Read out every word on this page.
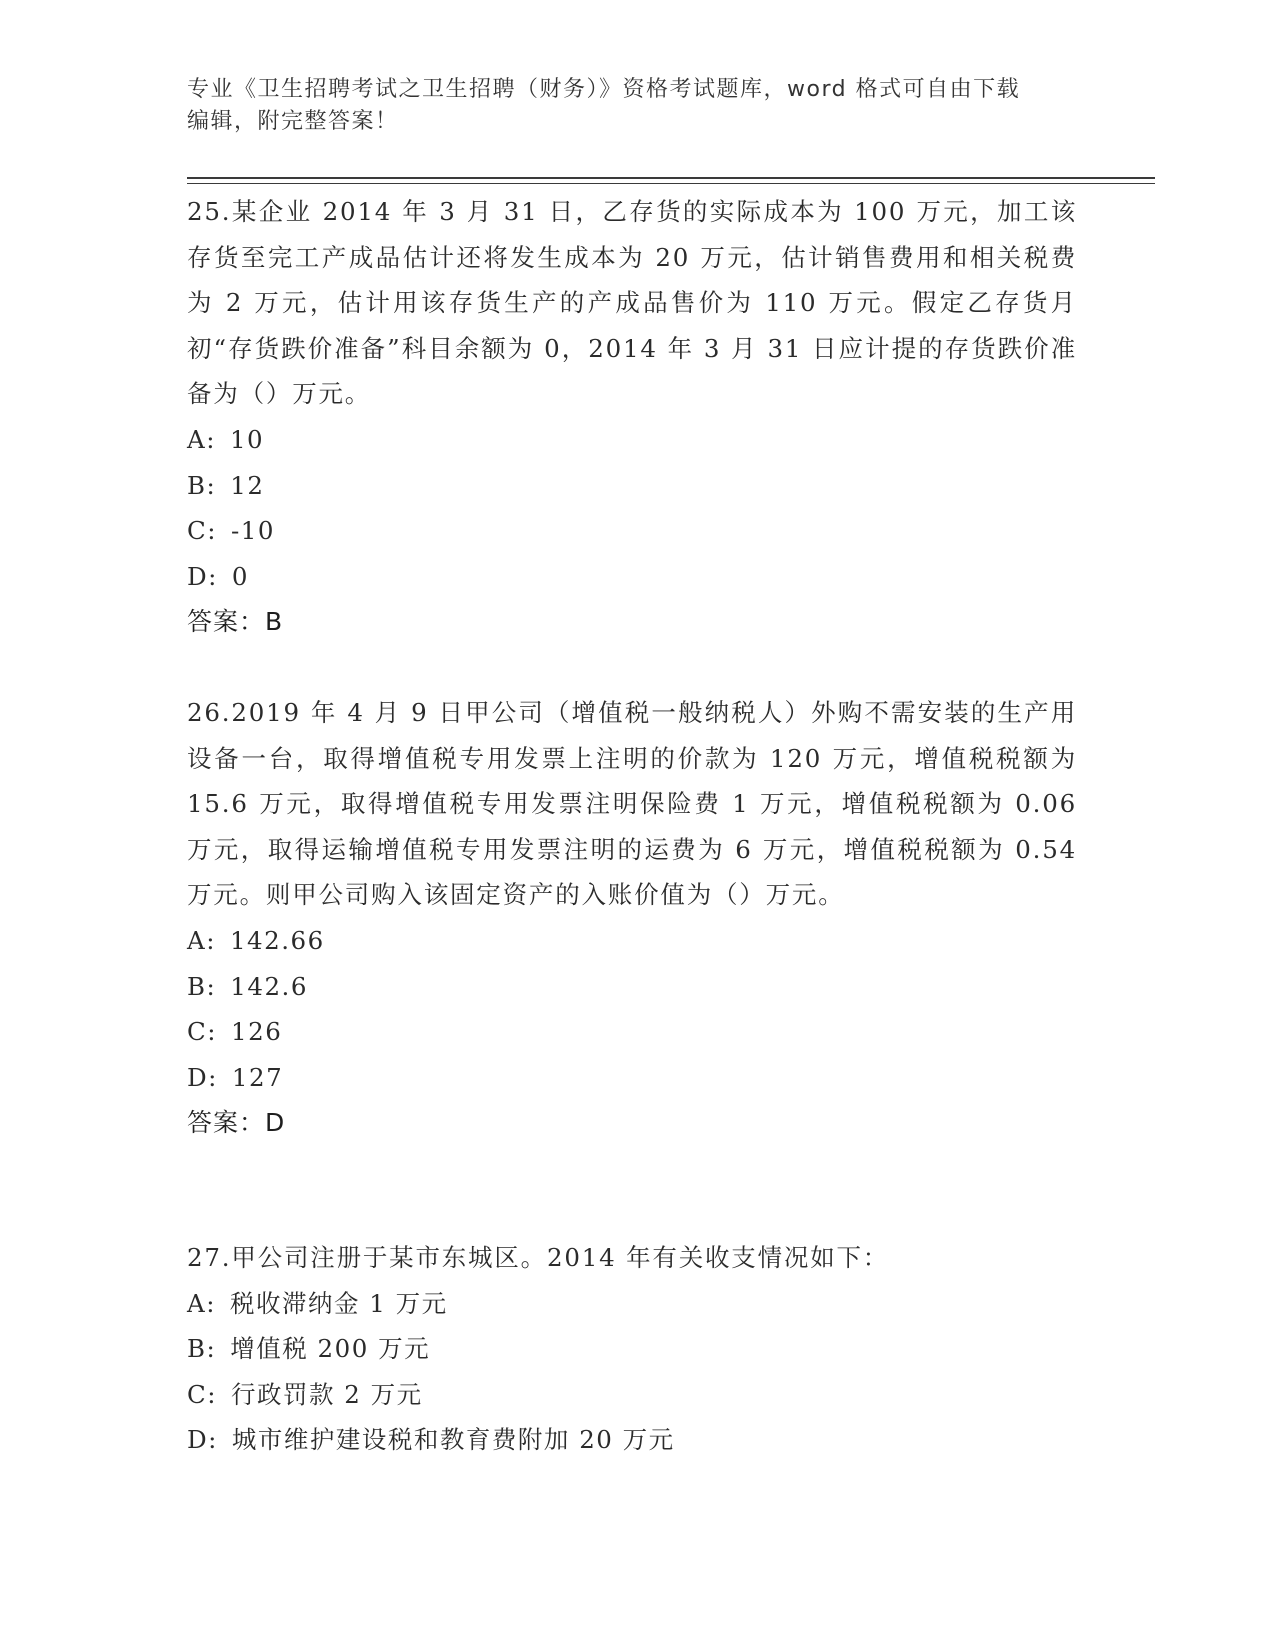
专业《卫生招聘考试之卫生招聘（财务）》资格考试题库，word 格式可自由下载
编辑，附完整答案！

25.某企业 2014 年 3 月 31 日，乙存货的实际成本为 100 万元，加工该存货至完工产成品估计还将发生成本为 20 万元，估计销售费用和相关税费为 2 万元，估计用该存货生产的产成品售价为 110 万元。假定乙存货月初“存货跌价准备”科目余额为 0，2014 年 3 月 31 日应计提的存货跌价准备为（）万元。

A: 10
B: 12
C: -10
D: 0
答案：B

26.2019 年 4 月 9 日甲公司（增值税一般纳税人）外购不需安装的生产用设备一台，取得增值税专用发票上注明的价款为 120 万元，增值税税额为 15.6 万元，取得增值税专用发票注明保险费 1 万元，增值税税额为 0.06 万元，取得运输增值税专用发票注明的运费为 6 万元，增值税税额为 0.54 万元。则甲公司购入该固定资产的入账价值为（）万元。

A: 142.66
B: 142.6
C: 126
D: 127
答案：D

27.甲公司注册于某市东城区。2014 年有关收支情况如下：

A: 税收滞纳金 1 万元
B: 增值税 200 万元
C: 行政罚款 2 万元
D: 城市维护建设税和教育费附加 20 万元
